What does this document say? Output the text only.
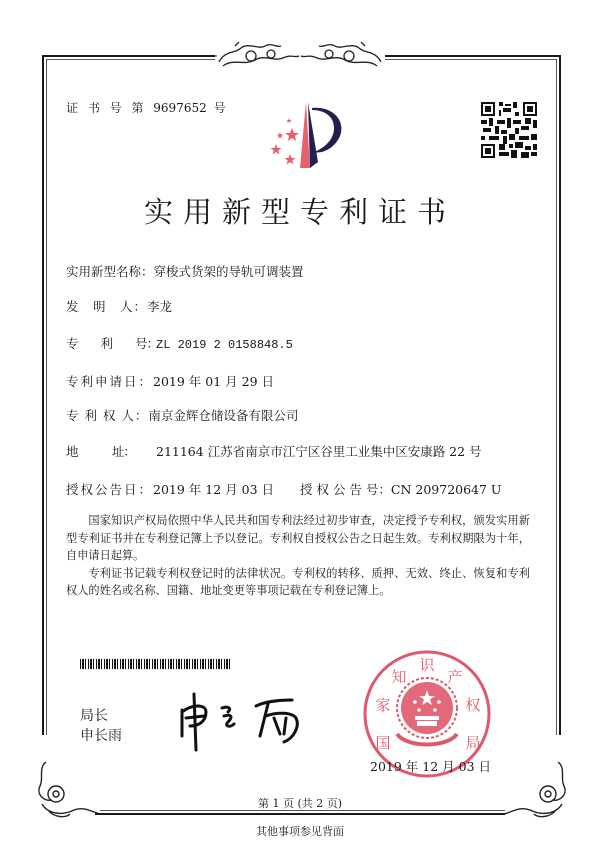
证 书 号 第 9697652 号
实用新型专利证书
实用新型名称：穿梭式货架的导轨可调装置
发　明　人：李龙
专　　利　　号：ZL 2019 2 0158848.5
专利申请日：2019 年 01 月 29 日
专 利 权 人：南京金辉仓储设备有限公司
地　　　址： 211164 江苏省南京市江宁区谷里工业集中区安康路 22 号
授权公告日：2019 年 12 月 03 日 授 权 公 告 号：CN 209720647 U

国家知识产权局依照中华人民共和国专利法经过初步审查，决定授予专利权，颁发实用新型专利证书并在专利登记簿上予以登记。专利权自授权公告之日起生效。专利权期限为十年，自申请日起算。

专利证书记载专利权登记时的法律状况。专利权的转移、质押、无效、终止、恢复和专利权人的姓名或名称、国籍、地址变更等事项记载在专利登记簿上。

局长
申长雨	国
家
知
识
产
权
局
2019 年 12 月 03 日
第 1 页 (共 2 页)
其他事项参见背面
